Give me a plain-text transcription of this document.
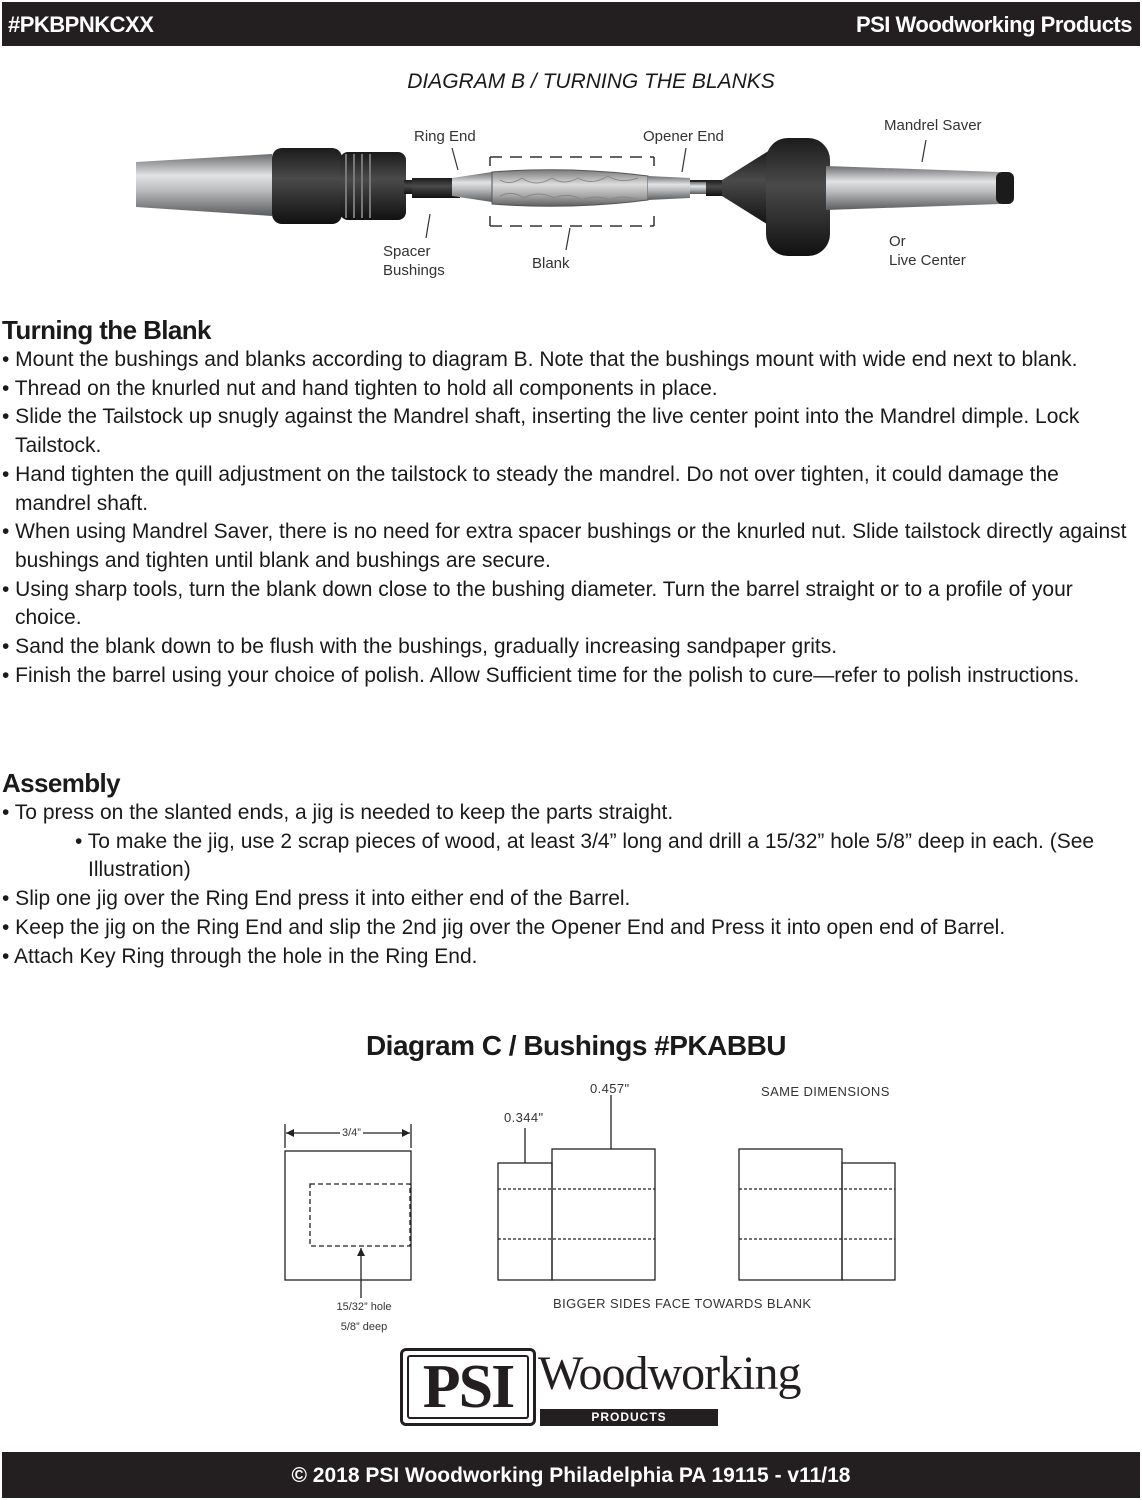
#PKBPNKCXX	PSI Woodworking Products
DIAGRAM B / TURNING THE BLANKS
Ring End	Opener End
Mandrel Saver
Spacer
Bushings	Blank
Or
Live Center
Turning the Blank
• Mount the bushings and blanks according to diagram B. Note that the bushings mount with wide end next to blank.
• Thread on the knurled nut and hand tighten to hold all components in place.
• Slide the Tailstock up snugly against the Mandrel shaft, inserting the live center point into the Mandrel dimple. Lock Tailstock.
• Hand tighten the quill adjustment on the tailstock to steady the mandrel. Do not over tighten, it could damage the mandrel shaft.
• When using Mandrel Saver, there is no need for extra spacer bushings or the knurled nut. Slide tailstock directly against bushings and tighten until blank and bushings are secure.
• Using sharp tools, turn the blank down close to the bushing diameter. Turn the barrel straight or to a profile of your choice.
• Sand the blank down to be flush with the bushings, gradually increasing sandpaper grits.
• Finish the barrel using your choice of polish. Allow Sufficient time for the polish to cure—refer to polish instructions.
Assembly
• To press on the slanted ends, a jig is needed to keep the parts straight.
• To make the jig, use 2 scrap pieces of wood, at least 3/4” long and drill a 15/32” hole 5/8” deep in each. (See Illustration)
• Slip one jig over the Ring End press it into either end of the Barrel.
• Keep the jig on the Ring End and slip the 2nd jig over the Opener End and Press it into open end of Barrel.
• Attach Key Ring through the hole in the Ring End.
Diagram C / Bushings #PKABBU
3/4”
15/32” hole
5/8” deep
0.457"
0.344"
SAME DIMENSIONS
BIGGER SIDES FACE TOWARDS BLANK
PSI Woodworking
PRODUCTS
© 2018 PSI Woodworking Philadelphia PA 19115 - v11/18
